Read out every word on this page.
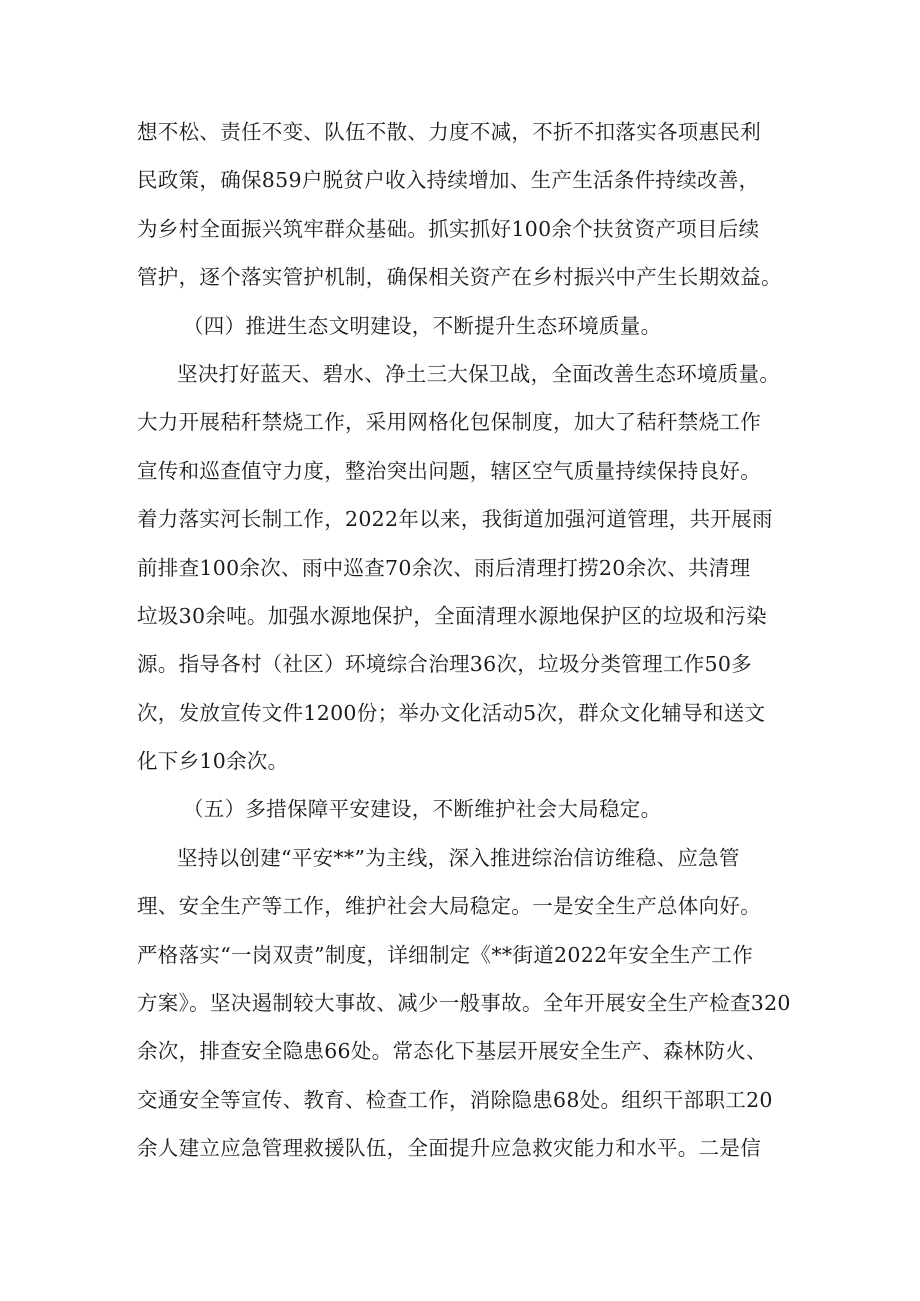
想不松、责任不变、队伍不散、力度不减，不折不扣落实各项惠民利
民政策，确保859户脱贫户收入持续增加、生产生活条件持续改善，
为乡村全面振兴筑牢群众基础。抓实抓好100余个扶贫资产项目后续
管护，逐个落实管护机制，确保相关资产在乡村振兴中产生长期效益。
（四）推进生态文明建设，不断提升生态环境质量。
坚决打好蓝天、碧水、净土三大保卫战，全面改善生态环境质量。
大力开展秸秆禁烧工作，采用网格化包保制度，加大了秸秆禁烧工作
宣传和巡查值守力度，整治突出问题，辖区空气质量持续保持良好。
着力落实河长制工作，2022年以来，我街道加强河道管理，共开展雨
前排查100余次、雨中巡查70余次、雨后清理打捞20余次、共清理
垃圾30余吨。加强水源地保护，全面清理水源地保护区的垃圾和污染
源。指导各村（社区）环境综合治理36次，垃圾分类管理工作50多
次，发放宣传文件1200份；举办文化活动5次，群众文化辅导和送文
化下乡10余次。
（五）多措保障平安建设，不断维护社会大局稳定。
坚持以创建“平安**”为主线，深入推进综治信访维稳、应急管
理、安全生产等工作，维护社会大局稳定。一是安全生产总体向好。
严格落实“一岗双责”制度，详细制定《**街道2022年安全生产工作
方案》。坚决遏制较大事故、减少一般事故。全年开展安全生产检查320
余次，排查安全隐患66处。常态化下基层开展安全生产、森林防火、
交通安全等宣传、教育、检查工作，消除隐患68处。组织干部职工20
余人建立应急管理救援队伍，全面提升应急救灾能力和水平。二是信
